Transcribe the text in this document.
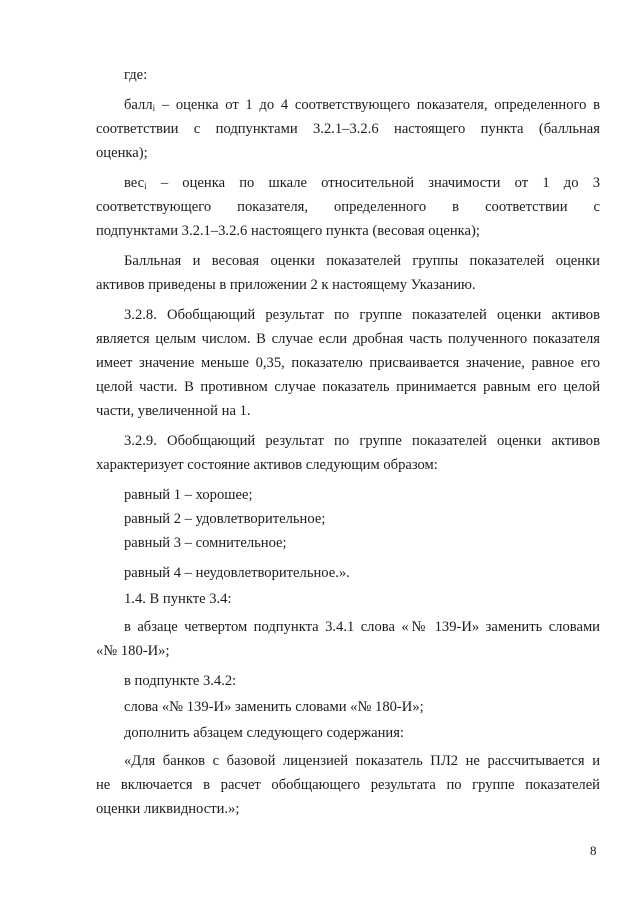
где:
балл$_i$ – оценка от 1 до 4 соответствующего показателя, определенного в
соответствии с подпунктами 3.2.1–3.2.6 настоящего пункта (балльная
оценка);
вес$_i$ – оценка по шкале относительной значимости от 1 до 3
соответствующего показателя, определенного в соответствии с
подпунктами 3.2.1–3.2.6 настоящего пункта (весовая оценка);
Балльная и весовая оценки показателей группы показателей оценки
активов приведены в приложении 2 к настоящему Указанию.
3.2.8. Обобщающий результат по группе показателей оценки активов
является целым числом. В случае если дробная часть полученного показателя
имеет значение меньше 0,35, показателю присваивается значение, равное его
целой части. В противном случае показатель принимается равным его целой
части, увеличенной на 1.
3.2.9. Обобщающий результат по группе показателей оценки активов
характеризует состояние активов следующим образом:
равный 1 – хорошее;
равный 2 – удовлетворительное;
равный 3 – сомнительное;
равный 4 – неудовлетворительное.».
1.4. В пункте 3.4:
в абзаце четвертом подпункта 3.4.1 слова «№ 139-И» заменить словами
«№ 180-И»;
в подпункте 3.4.2:
слова «№ 139-И» заменить словами «№ 180-И»;
дополнить абзацем следующего содержания:
«Для банков с базовой лицензией показатель ПЛ2 не рассчитывается и
не включается в расчет обобщающего результата по группе показателей
оценки ликвидности.»;
8
